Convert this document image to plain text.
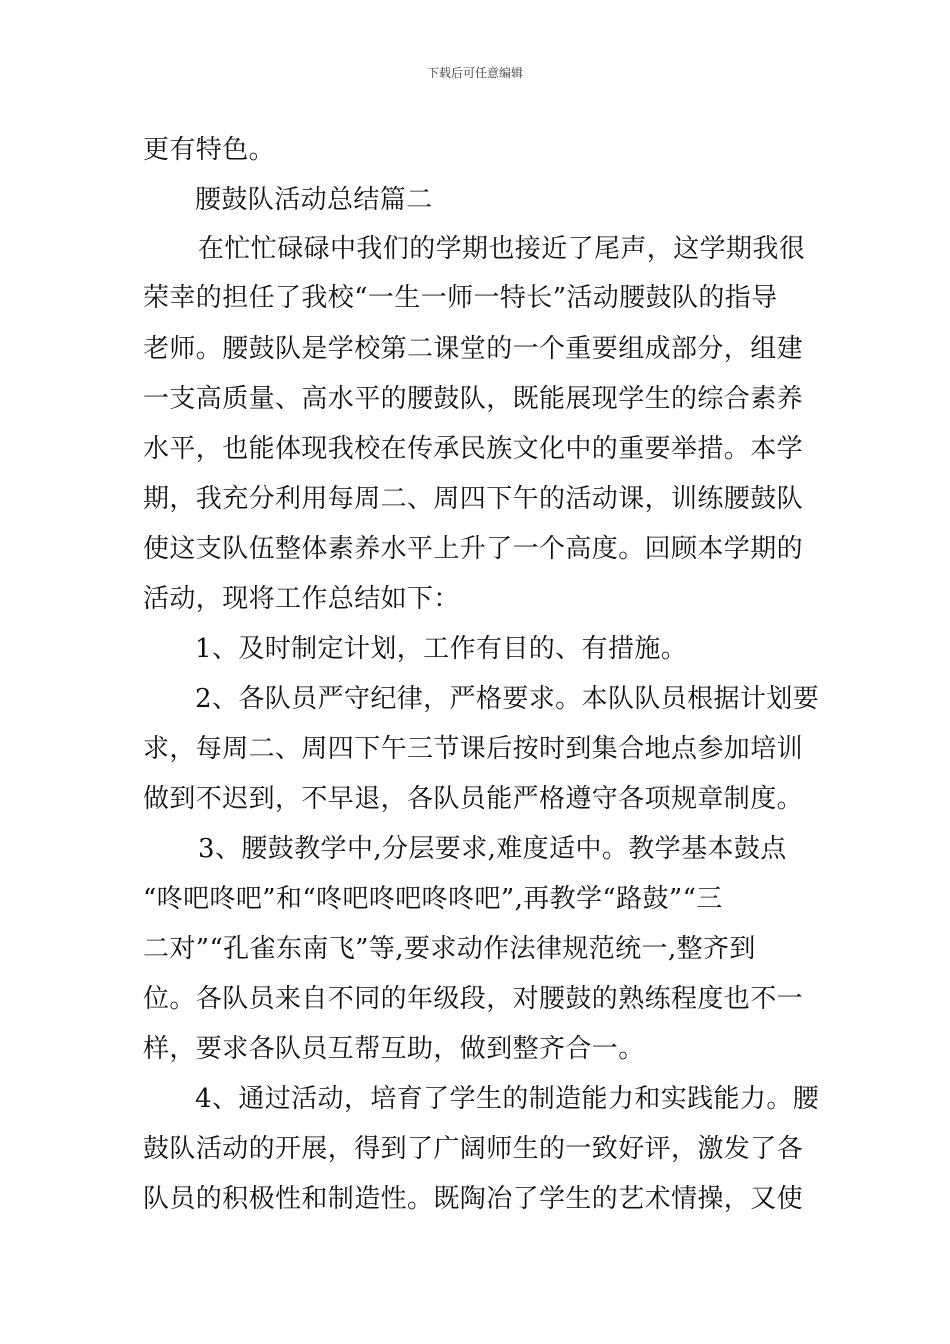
下载后可任意编辑
更有特色。
腰鼓队活动总结篇二
在忙忙碌碌中我们的学期也接近了尾声，这学期我很
荣幸的担任了我校“一生一师一特长”活动腰鼓队的指导
老师。腰鼓队是学校第二课堂的一个重要组成部分，组建
一支高质量、高水平的腰鼓队，既能展现学生的综合素养
水平，也能体现我校在传承民族文化中的重要举措。本学
期，我充分利用每周二、周四下午的活动课，训练腰鼓队
使这支队伍整体素养水平上升了一个高度。回顾本学期的
活动，现将工作总结如下：
1、及时制定计划，工作有目的、有措施。
2、各队员严守纪律，严格要求。本队队员根据计划要
求，每周二、周四下午三节课后按时到集合地点参加培训
做到不迟到，不早退，各队员能严格遵守各项规章制度。
3、腰鼓教学中,分层要求,难度适中。教学基本鼓点
“咚吧咚吧”和“咚吧咚吧咚咚吧”,再教学“路鼓”“三
二对”“孔雀东南飞”等,要求动作法律规范统一,整齐到
位。各队员来自不同的年级段，对腰鼓的熟练程度也不一
样，要求各队员互帮互助，做到整齐合一。
4、通过活动，培育了学生的制造能力和实践能力。腰
鼓队活动的开展，得到了广阔师生的一致好评，激发了各
队员的积极性和制造性。既陶冶了学生的艺术情操，又使
